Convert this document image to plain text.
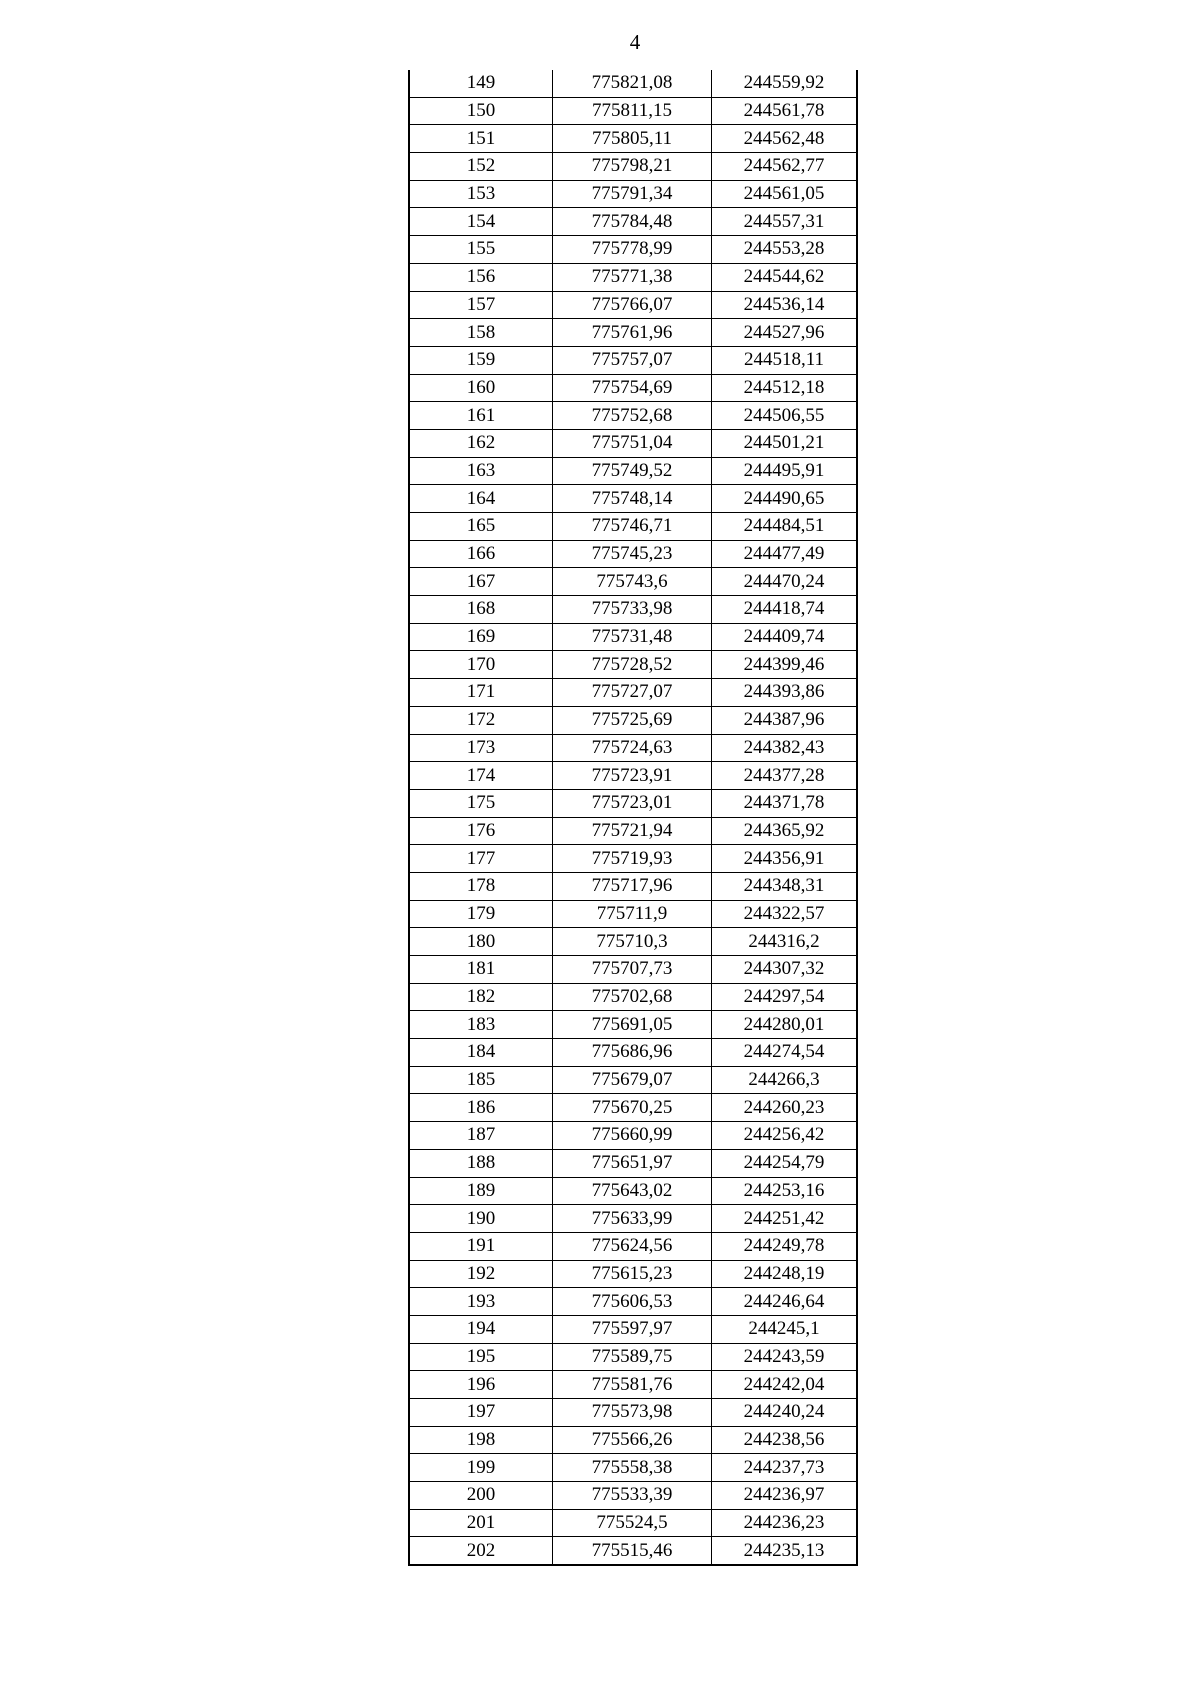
4
149	775821,08	244559,92
150	775811,15	244561,78
151	775805,11	244562,48
152	775798,21	244562,77
153	775791,34	244561,05
154	775784,48	244557,31
155	775778,99	244553,28
156	775771,38	244544,62
157	775766,07	244536,14
158	775761,96	244527,96
159	775757,07	244518,11
160	775754,69	244512,18
161	775752,68	244506,55
162	775751,04	244501,21
163	775749,52	244495,91
164	775748,14	244490,65
165	775746,71	244484,51
166	775745,23	244477,49
167	775743,6	244470,24
168	775733,98	244418,74
169	775731,48	244409,74
170	775728,52	244399,46
171	775727,07	244393,86
172	775725,69	244387,96
173	775724,63	244382,43
174	775723,91	244377,28
175	775723,01	244371,78
176	775721,94	244365,92
177	775719,93	244356,91
178	775717,96	244348,31
179	775711,9	244322,57
180	775710,3	244316,2
181	775707,73	244307,32
182	775702,68	244297,54
183	775691,05	244280,01
184	775686,96	244274,54
185	775679,07	244266,3
186	775670,25	244260,23
187	775660,99	244256,42
188	775651,97	244254,79
189	775643,02	244253,16
190	775633,99	244251,42
191	775624,56	244249,78
192	775615,23	244248,19
193	775606,53	244246,64
194	775597,97	244245,1
195	775589,75	244243,59
196	775581,76	244242,04
197	775573,98	244240,24
198	775566,26	244238,56
199	775558,38	244237,73
200	775533,39	244236,97
201	775524,5	244236,23
202	775515,46	244235,13
